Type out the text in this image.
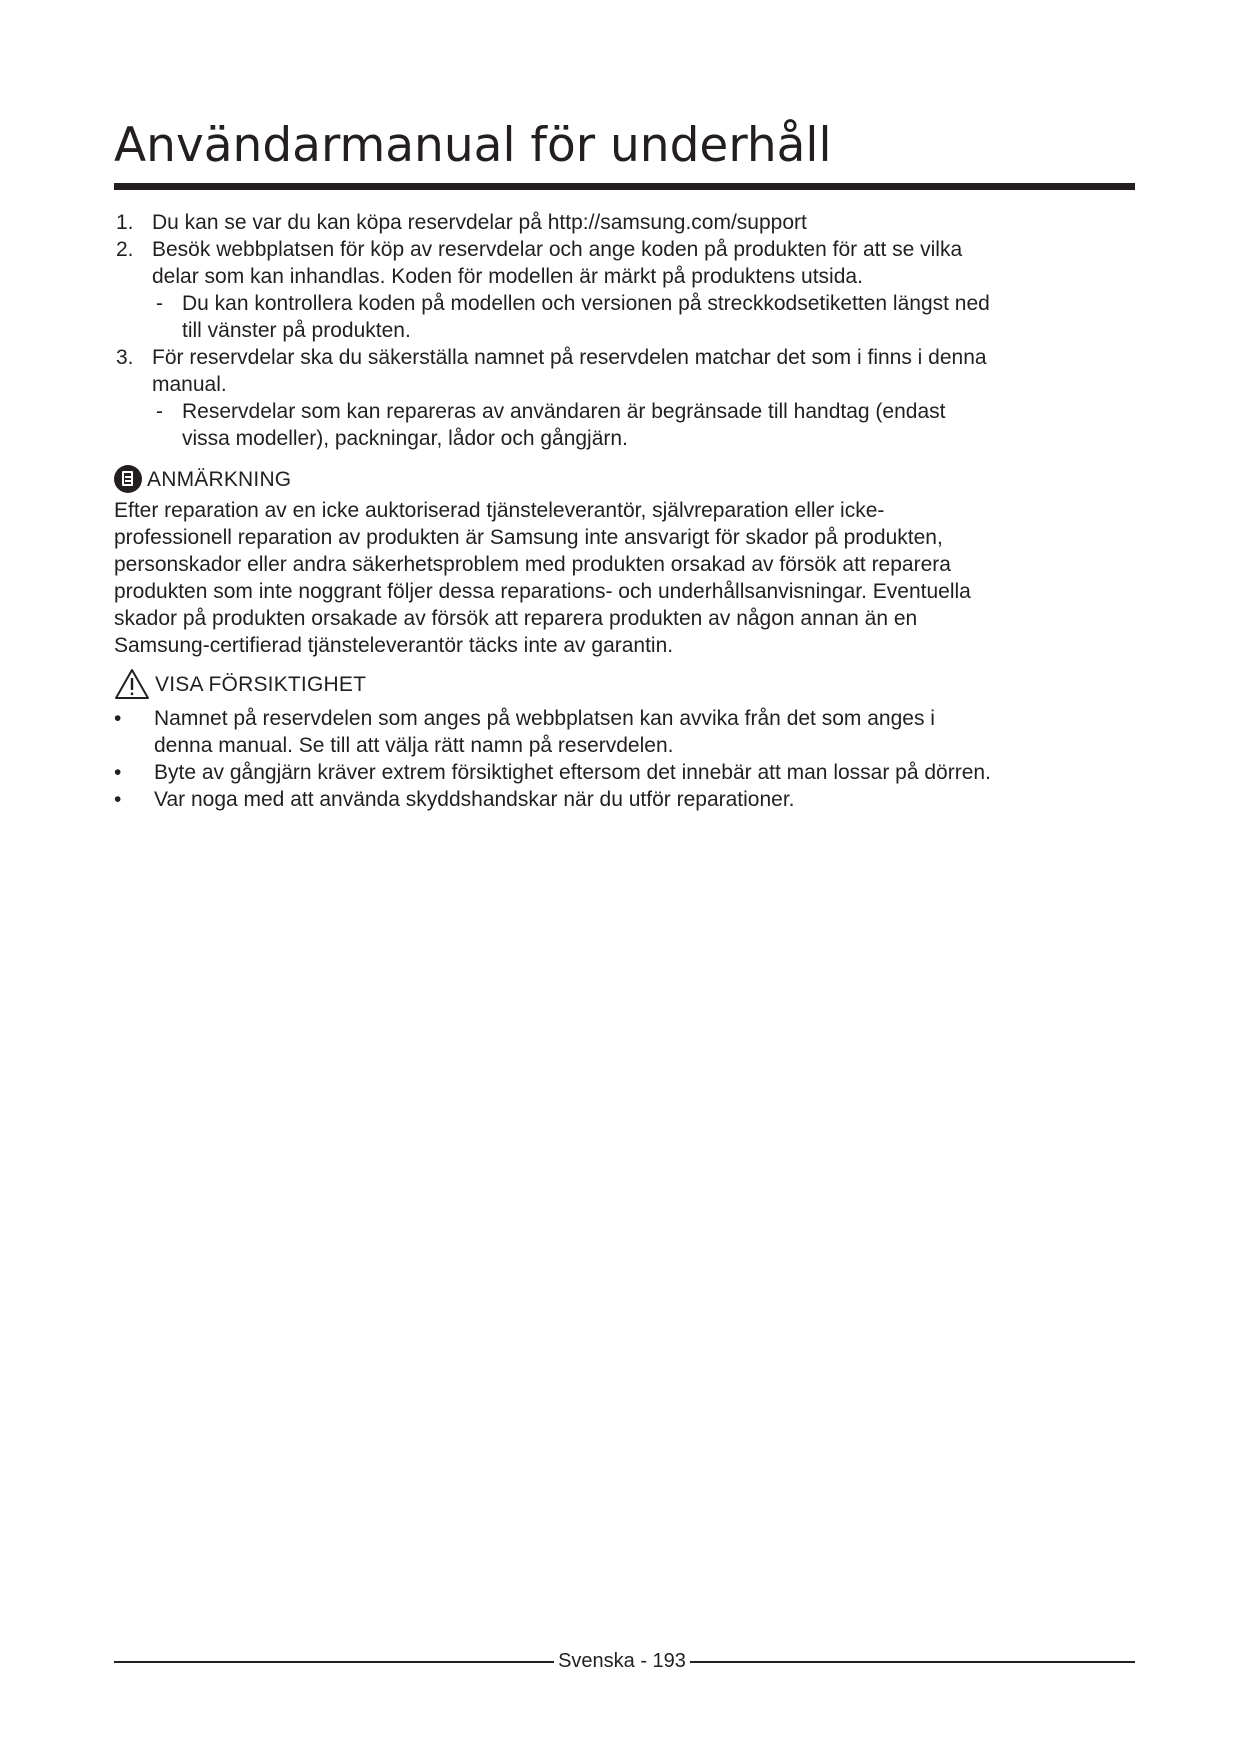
Användarmanual för underhåll
1. Du kan se var du kan köpa reservdelar på http://samsung.com/support
2. Besök webbplatsen för köp av reservdelar och ange koden på produkten för att se vilka delar som kan inhandlas. Koden för modellen är märkt på produktens utsida.
- Du kan kontrollera koden på modellen och versionen på streckkodsetiketten längst ned till vänster på produkten.
3. För reservdelar ska du säkerställa namnet på reservdelen matchar det som i finns i denna manual.
- Reservdelar som kan repareras av användaren är begränsade till handtag (endast vissa modeller), packningar, lådor och gångjärn.
ANMÄRKNING
Efter reparation av en icke auktoriserad tjänsteleverantör, självreparation eller icke-professionell reparation av produkten är Samsung inte ansvarigt för skador på produkten, personskador eller andra säkerhetsproblem med produkten orsakad av försök att reparera produkten som inte noggrant följer dessa reparations- och underhållsanvisningar. Eventuella skador på produkten orsakade av försök att reparera produkten av någon annan än en Samsung-certifierad tjänsteleverantör täcks inte av garantin.
VISA FÖRSIKTIGHET
• Namnet på reservdelen som anges på webbplatsen kan avvika från det som anges i denna manual. Se till att välja rätt namn på reservdelen.
• Byte av gångjärn kräver extrem försiktighet eftersom det innebär att man lossar på dörren.
• Var noga med att använda skyddshandskar när du utför reparationer.
Svenska - 193
